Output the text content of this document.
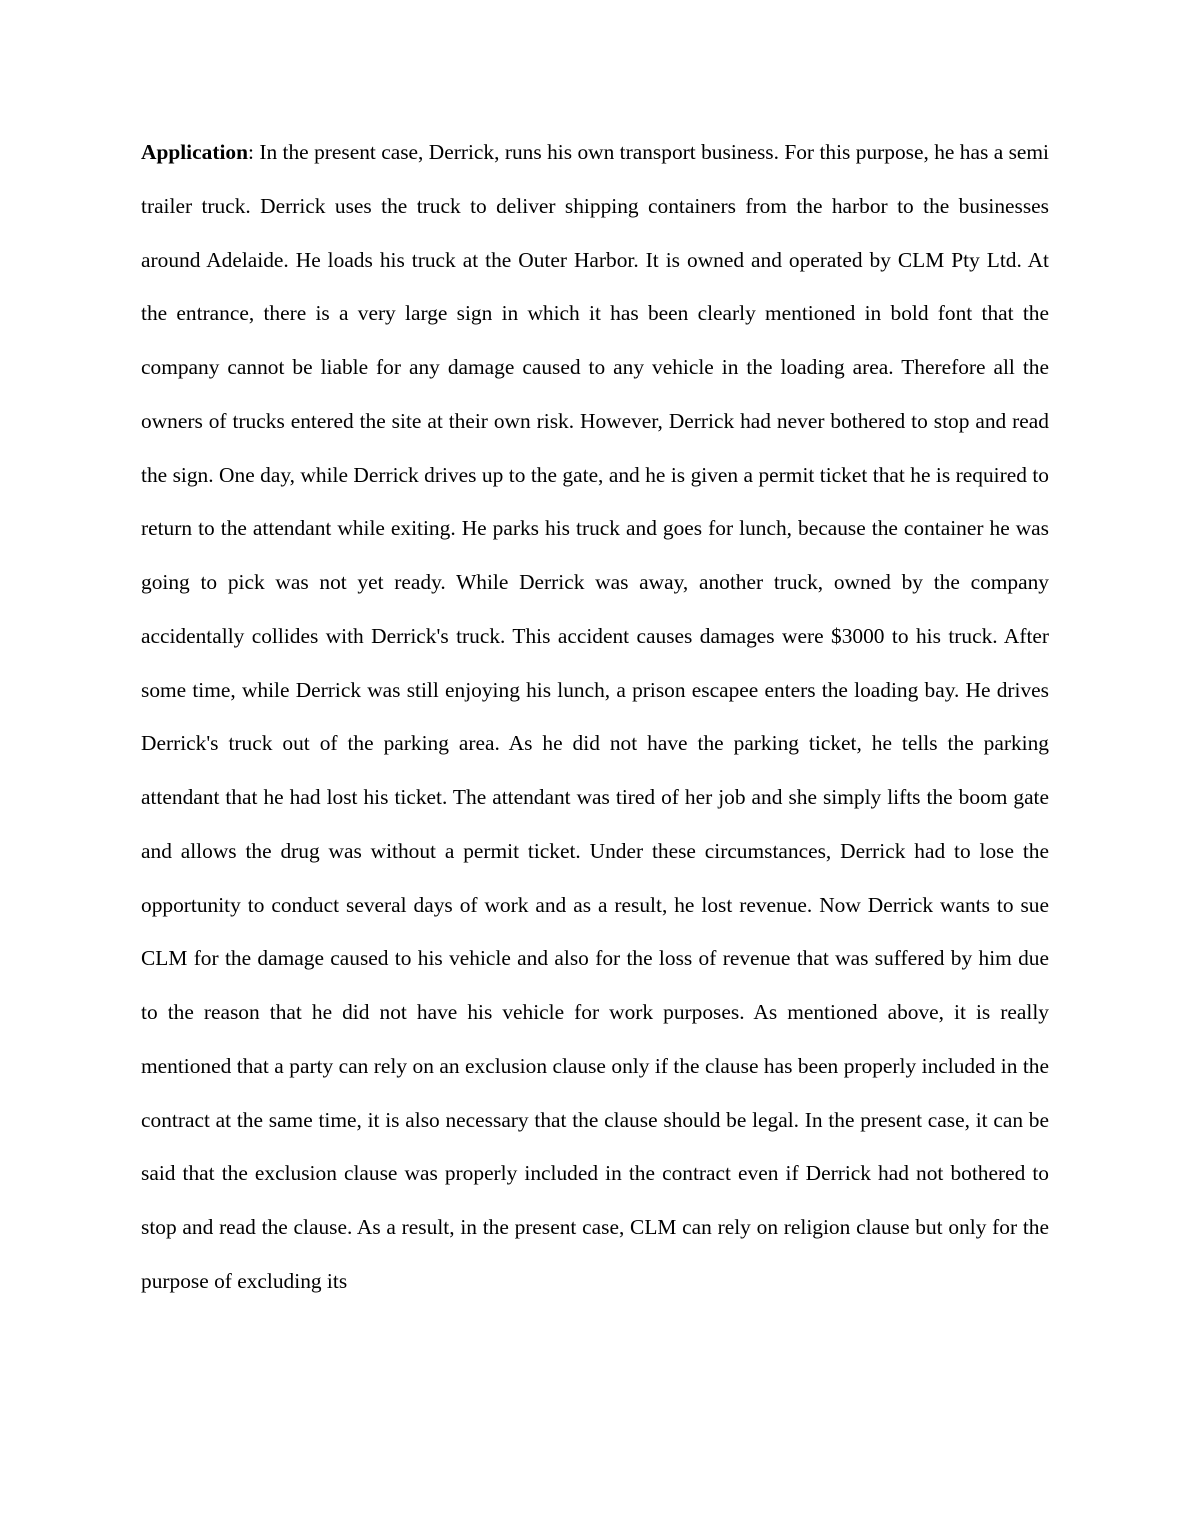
Application: In the present case, Derrick, runs his own transport business. For this purpose, he has a semi trailer truck. Derrick uses the truck to deliver shipping containers from the harbor to the businesses around Adelaide. He loads his truck at the Outer Harbor. It is owned and operated by CLM Pty Ltd. At the entrance, there is a very large sign in which it has been clearly mentioned in bold font that the company cannot be liable for any damage caused to any vehicle in the loading area. Therefore all the owners of trucks entered the site at their own risk. However, Derrick had never bothered to stop and read the sign. One day, while Derrick drives up to the gate, and he is given a permit ticket that he is required to return to the attendant while exiting. He parks his truck and goes for lunch, because the container he was going to pick was not yet ready. While Derrick was away, another truck, owned by the company accidentally collides with Derrick's truck. This accident causes damages were $3000 to his truck. After some time, while Derrick was still enjoying his lunch, a prison escapee enters the loading bay. He drives Derrick's truck out of the parking area. As he did not have the parking ticket, he tells the parking attendant that he had lost his ticket. The attendant was tired of her job and she simply lifts the boom gate and allows the drug was without a permit ticket. Under these circumstances, Derrick had to lose the opportunity to conduct several days of work and as a result, he lost revenue. Now Derrick wants to sue CLM for the damage caused to his vehicle and also for the loss of revenue that was suffered by him due to the reason that he did not have his vehicle for work purposes. As mentioned above, it is really mentioned that a party can rely on an exclusion clause only if the clause has been properly included in the contract at the same time, it is also necessary that the clause should be legal. In the present case, it can be said that the exclusion clause was properly included in the contract even if Derrick had not bothered to stop and read the clause. As a result, in the present case, CLM can rely on religion clause but only for the purpose of excluding its
